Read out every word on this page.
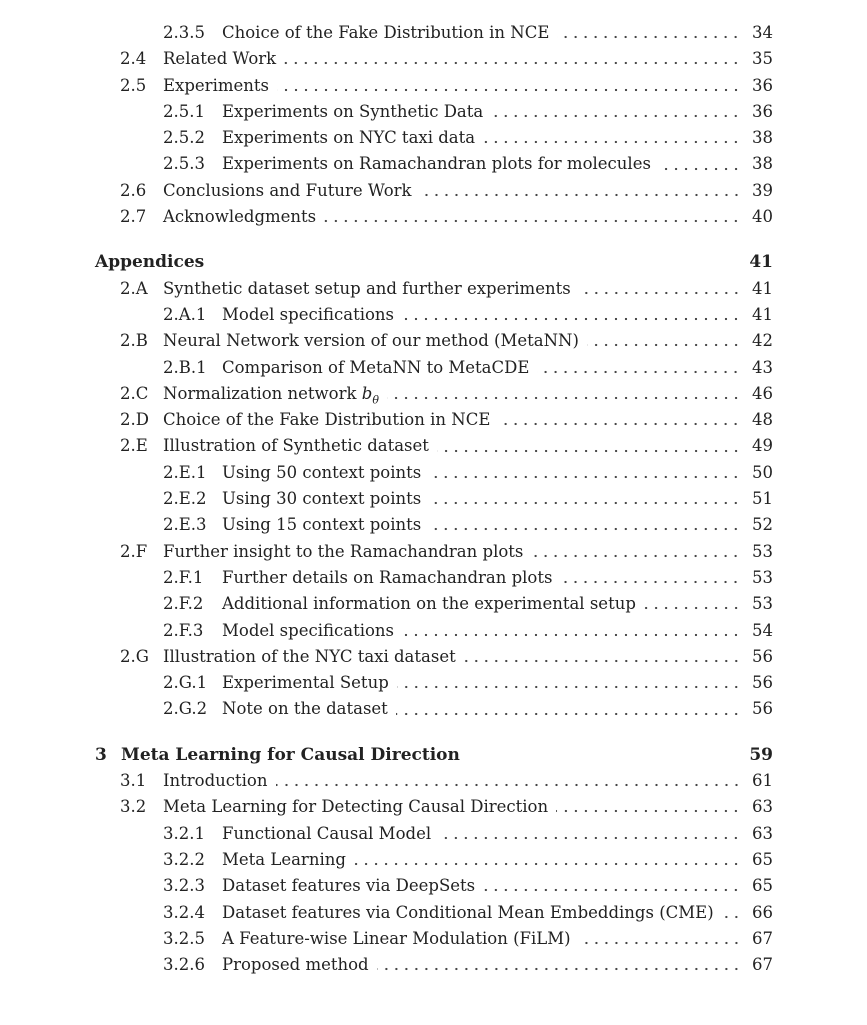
2.3.5	Choice of the Fake Distribution in NCE	34
2.4	Related Work	35
2.5	Experiments	36
2.5.1	Experiments on Synthetic Data	36
2.5.2	Experiments on NYC taxi data	38
2.5.3	Experiments on Ramachandran plots for molecules	38
2.6	Conclusions and Future Work	39
2.7	Acknowledgments	40
Appendices	41
2.A Synthetic dataset setup and further experiments	41
2.A.1 Model specifications	41
2.B Neural Network version of our method (MetaNN)	42
2.B.1 Comparison of MetaNN to MetaCDE	43
2.C Normalization network $b_\theta$	46
2.D Choice of the Fake Distribution in NCE	48
2.E Illustration of Synthetic dataset	49
2.E.1 Using 50 context points	50
2.E.2 Using 30 context points	51
2.E.3 Using 15 context points	52
2.F Further insight to the Ramachandran plots	53
2.F.1	Further details on Ramachandran plots	53
2.F.2	Additional information on the experimental setup	53
2.F.3	Model specifications	54
2.G Illustration of the NYC taxi dataset	56
2.G.1 Experimental Setup	56
2.G.2 Note on the dataset	56
3 Meta Learning for Causal Direction	59
3.1	Introduction	61
3.2	Meta Learning for Detecting Causal Direction	63
3.2.1	Functional Causal Model	63
3.2.2	Meta Learning	65
3.2.3	Dataset features via DeepSets	65
3.2.4	Dataset features via Conditional Mean Embeddings (CME) 66
3.2.5	A Feature-wise Linear Modulation (FiLM)	67
3.2.6	Proposed method	67
